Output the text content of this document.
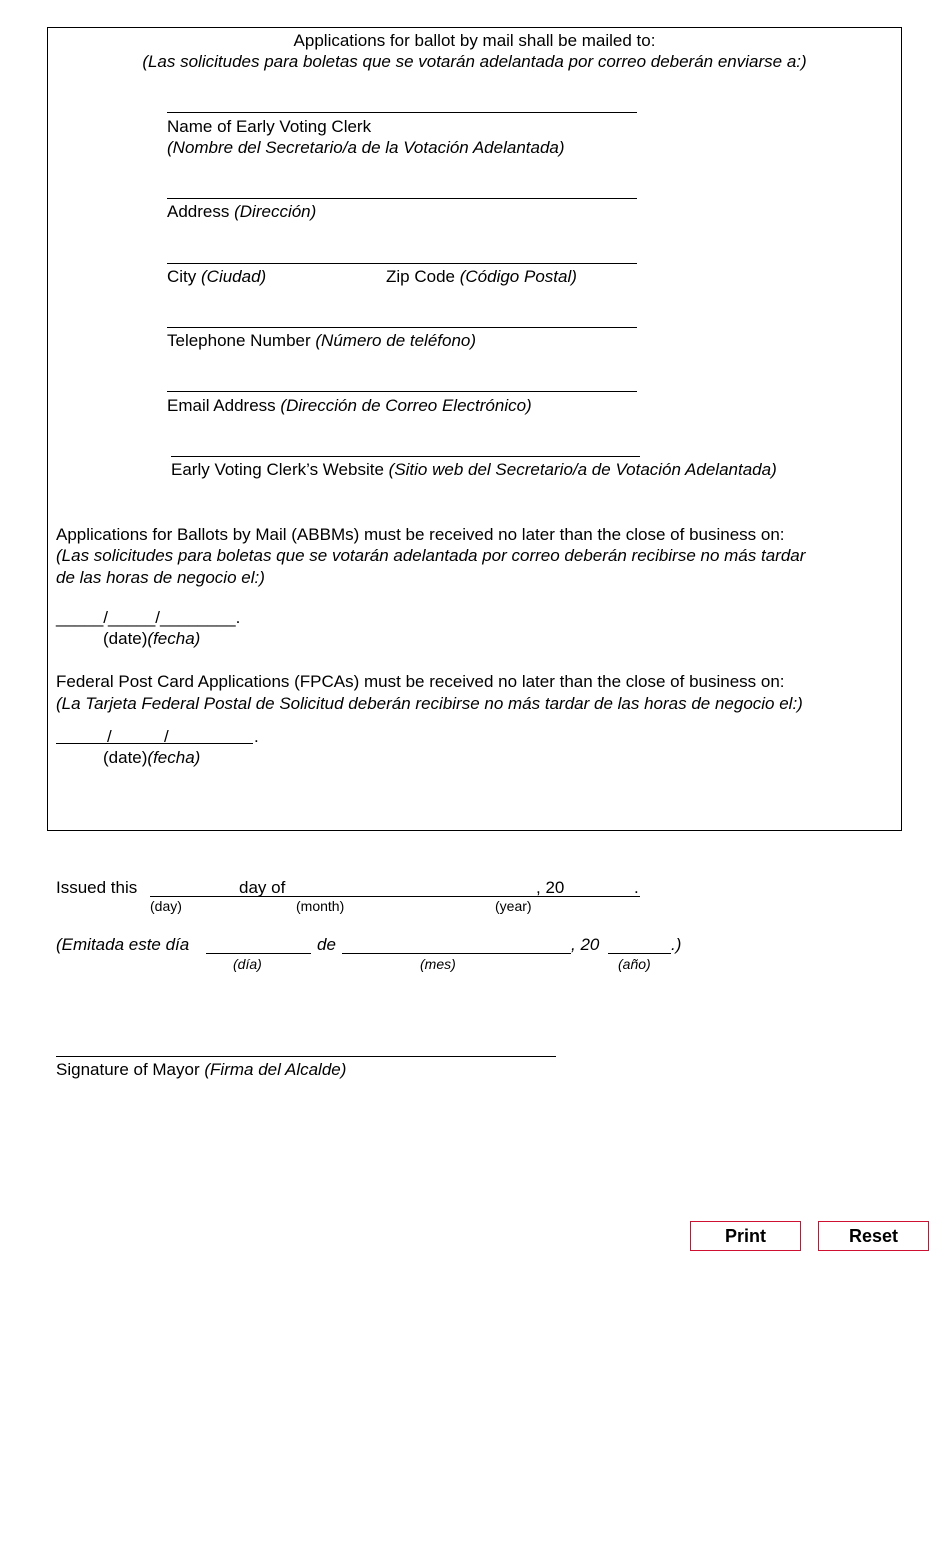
Applications for ballot by mail shall be mailed to:
(Las solicitudes para boletas que se votarán adelantada por correo deberán enviarse a:)
Name of Early Voting Clerk
(Nombre del Secretario/a de la Votación Adelantada)
Address (Dirección)
City (Ciudad)	Zip Code (Código Postal)
Telephone Number (Número de teléfono)
Email Address (Dirección de Correo Electrónico)
Early Voting Clerk’s Website (Sitio web del Secretario/a de Votación Adelantada)
Applications for Ballots by Mail (ABBMs) must be received no later than the close of business on:
(Las solicitudes para boletas que se votarán adelantada por correo deberán recibirse no más tardar
de las horas de negocio el:)
_____/_____/________.
(date)(fecha)
Federal Post Card Applications (FPCAs) must be received no later than the close of business on:
(La Tarjeta Federal Postal de Solicitud deberán recibirse no más tardar de las horas de negocio el:)
/	/	.
(date)(fecha)
Issued this	day of	, 20	.
(day)	(month)	(year)
(Emitada este día	de	, 20	.)
(día)	(mes)	(año)
Signature of Mayor (Firma del Alcalde)
Print	Reset
